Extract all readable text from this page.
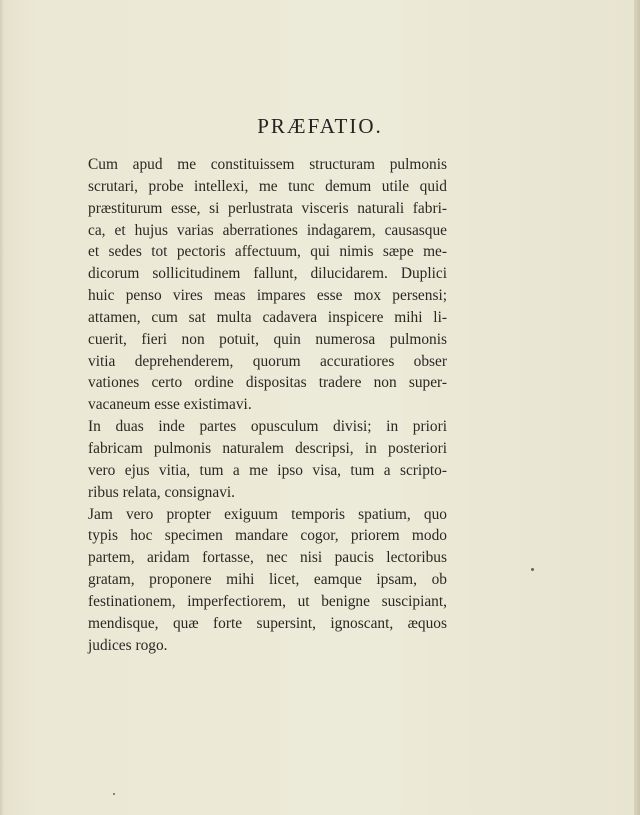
PRÆFATIO.
Cum apud me constituissem structuram pulmonis
scrutari, probe intellexi, me tunc demum utile quid
præstiturum esse, si perlustrata visceris naturali fabri-
ca, et hujus varias aberrationes indagarem, causasque
et sedes tot pectoris affectuum, qui nimis sæpe me-
dicorum sollicitudinem fallunt, dilucidarem. Duplici
huic penso vires meas impares esse mox persensi;
attamen, cum sat multa cadavera inspicere mihi li-
cuerit, fieri non potuit, quin numerosa pulmonis
vitia deprehenderem, quorum accuratiores obser
vationes certo ordine dispositas tradere non super-
vacaneum esse existimavi.
In duas inde partes opusculum divisi; in priori
fabricam pulmonis naturalem descripsi, in posteriori
vero ejus vitia, tum a me ipso visa, tum a scripto-
ribus relata, consignavi.
Jam vero propter exiguum temporis spatium, quo
typis hoc specimen mandare cogor, priorem modo
partem, aridam fortasse, nec nisi paucis lectoribus
gratam, proponere mihi licet, eamque ipsam, ob
festinationem, imperfectiorem, ut benigne suscipiant,
mendisque, quæ forte supersint, ignoscant, æquos
judices rogo.
